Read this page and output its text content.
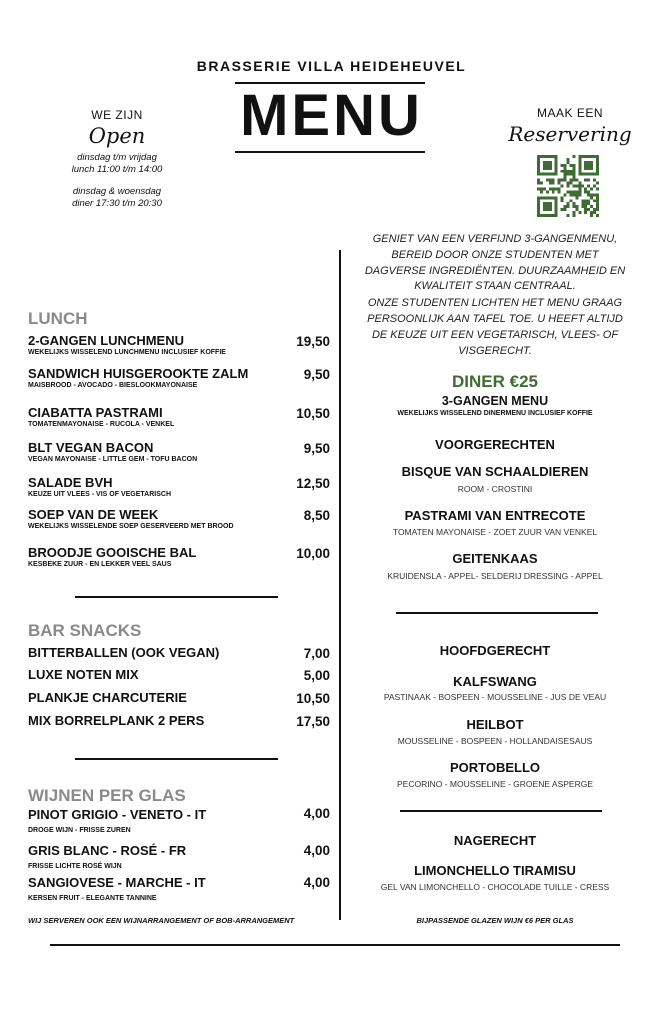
BRASSERIE VILLA HEIDEHEUVEL
MENU
WE ZIJN
Open
dinsdag t/m vrijdag
lunch 11:00 t/m 14:00
dinsdag & woensdag
diner 17:30 t/m 20:30
MAAK EEN
Reservering
GENIET VAN EEN VERFIJND 3-GANGENMENU, BEREID DOOR ONZE STUDENTEN MET DAGVERSE INGREDIËNTEN. DUURZAAMHEID EN KWALITEIT STAAN CENTRAAL.
ONZE STUDENTEN LICHTEN HET MENU GRAAG PERSOONLIJK AAN TAFEL TOE. U HEEFT ALTIJD DE KEUZE UIT EEN VEGETARISCH, VLEES- OF VISGERECHT.
LUNCH
2-GANGEN LUNCHMENU
WEKELIJKS WISSELEND LUNCHMENU INCLUSIEF KOFFIE
19,50
SANDWICH HUISGEROOKTE ZALM
MAISBROOD - AVOCADO - BIESLOOKMAYONAISE
9,50
CIABATTA PASTRAMI
TOMATENMAYONAISE - RUCOLA - VENKEL
10,50
BLT VEGAN BACON
VEGAN MAYONAISE - LITTLE GEM - TOFU BACON
9,50
SALADE BVH
KEUZE UIT VLEES - VIS OF VEGETARISCH
12,50
SOEP VAN DE WEEK
WEKELIJKS WISSELENDE SOEP GESERVEERD MET BROOD
8,50
BROODJE GOOISCHE BAL
KESBEKE ZUUR - EN LEKKER VEEL SAUS
10,00
BAR SNACKS
BITTERBALLEN (OOK VEGAN)	7,00
LUXE NOTEN MIX	5,00
PLANKJE CHARCUTERIE	10,50
MIX BORRELPLANK 2 PERS	17,50
WIJNEN PER GLAS
PINOT GRIGIO - VENETO - IT
DROGE WIJN - FRISSE ZUREN
4,00
GRIS BLANC - ROSÉ - FR
FRISSE LICHTE ROSÉ WIJN
4,00
SANGIOVESE - MARCHE - IT
KERSEN FRUIT - ELEGANTE TANNINE
4,00
WIJ SERVEREN OOK EEN WIJNARRANGEMENT OF BOB-ARRANGEMENT
DINER €25
3-GANGEN MENU
WEKELIJKS WISSELEND DINERMENU INCLUSIEF KOFFIE
VOORGERECHTEN
BISQUE VAN SCHAALDIEREN
ROOM - CROSTINI
PASTRAMI VAN ENTRECOTE
TOMATEN MAYONAISE - ZOET ZUUR VAN VENKEL
GEITENKAAS
KRUIDENSLA - APPEL- SELDERIJ DRESSING - APPEL
HOOFDGERECHT
KALFSWANG
PASTINAAK - BOSPEEN - MOUSSELINE - JUS DE VEAU
HEILBOT
MOUSSELINE - BOSPEEN - HOLLANDAISESAUS
PORTOBELLO
PECORINO - MOUSSELINE - GROENE ASPERGE
NAGERECHT
LIMONCHELLO TIRAMISU
GEL VAN LIMONCHELLO - CHOCOLADE TUILLE - CRESS
BIJPASSENDE GLAZEN WIJN €6 PER GLAS
